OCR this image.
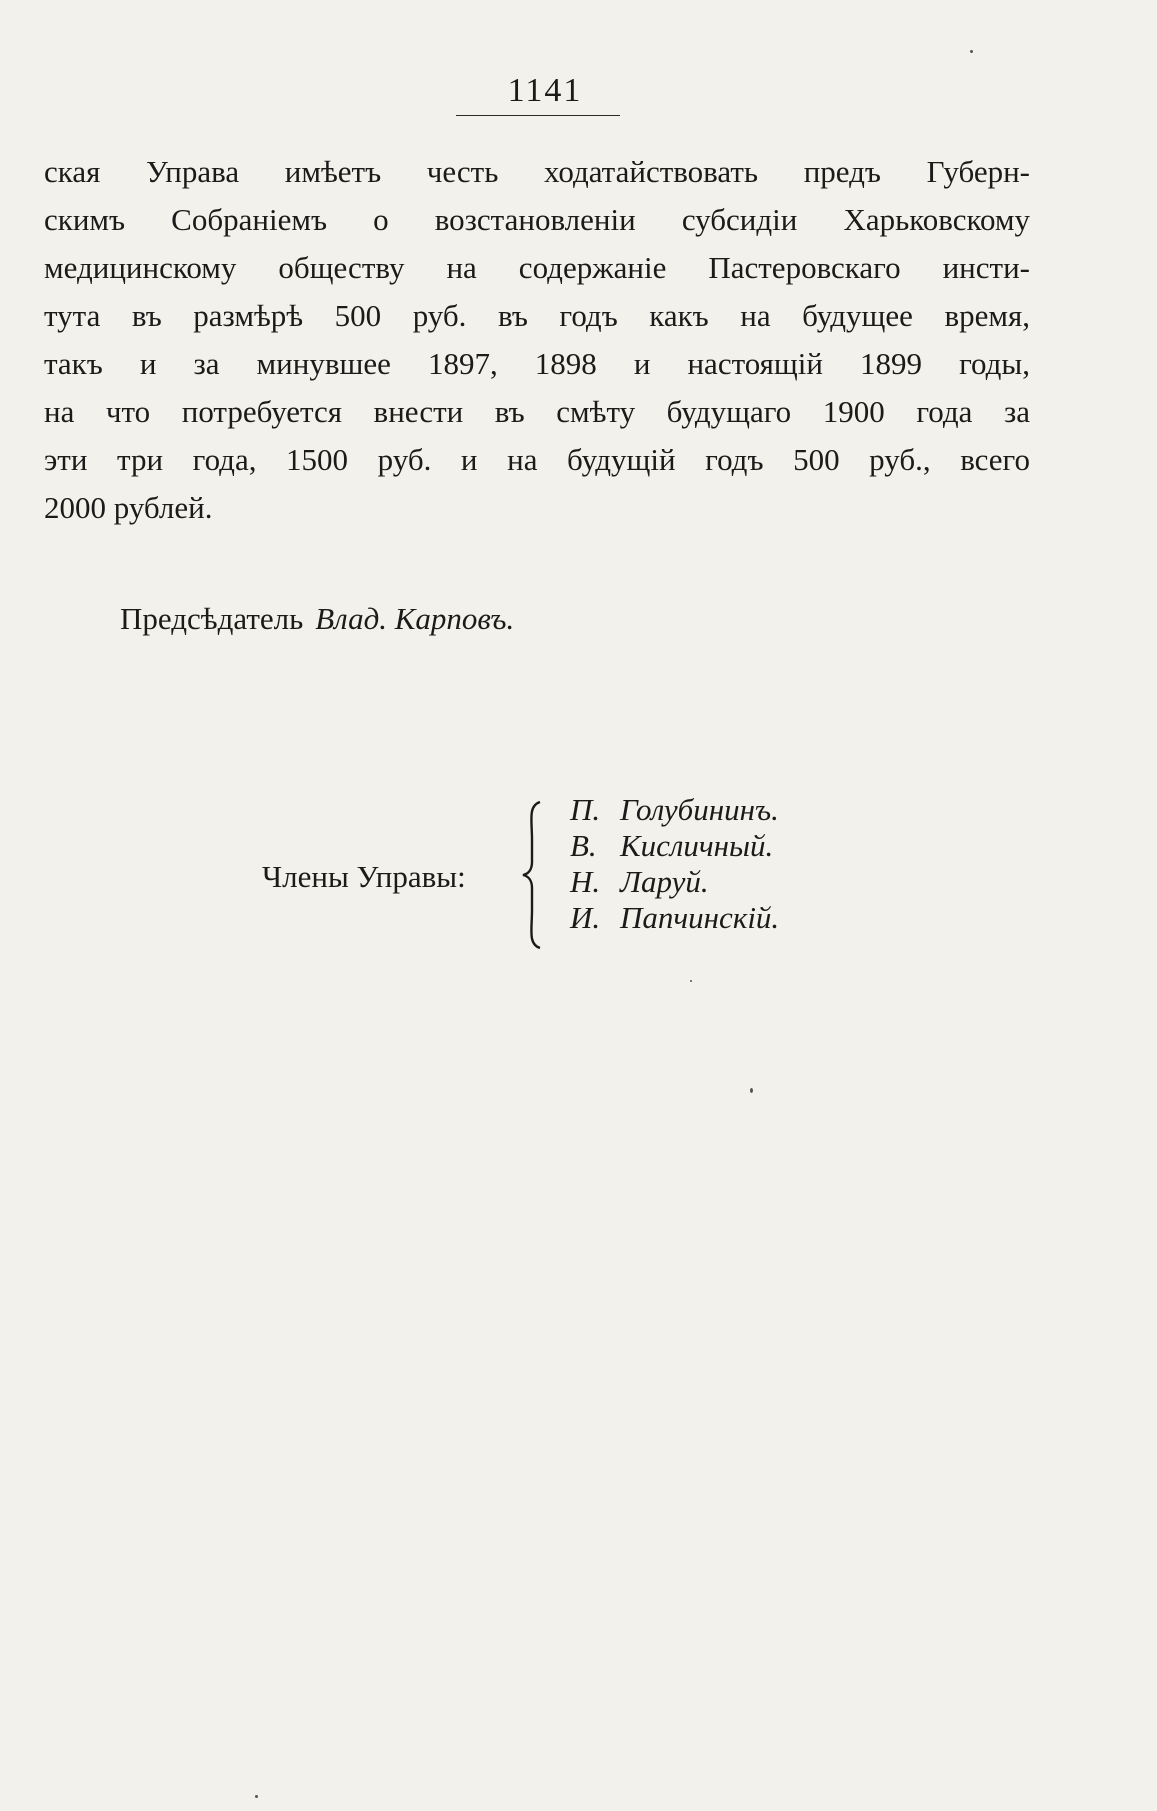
1141
ская Управа имѣетъ честь ходатайствовать предъ Губерн-
скимъ Собраніемъ о возстановленіи субсидіи Харьковскому
медицинскому обществу на содержаніе Пастеровскаго инсти-
тута въ размѣрѣ 500 руб. въ годъ какъ на будущее время,
такъ и за минувшее 1897, 1898 и настоящій 1899 годы,
на что потребуется внести въ смѣту будущаго 1900 года за
эти три года, 1500 руб. и на будущій годъ 500 руб., всего
2000 рублей.
Предсѣдатель Влад. Карповъ.
Члены Управы:
П. Голубининъ.
В. Кисличный.
Н. Ларуй.
И. Папчинскій.
